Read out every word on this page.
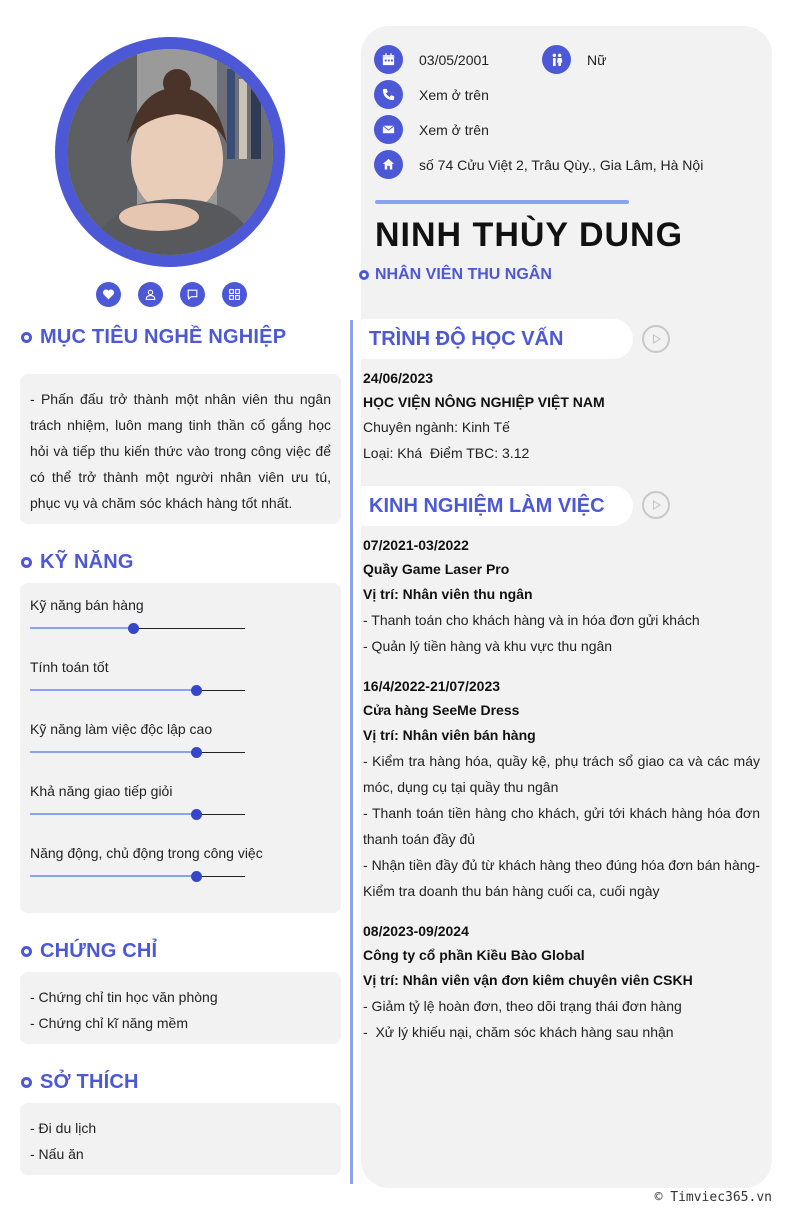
MỤC TIÊU NGHỀ NGHIỆP

- Phấn đấu trở thành một nhân viên thu ngân trách nhiệm, luôn mang tinh thần cố gắng học hỏi và tiếp thu kiến thức vào trong công việc để có thể trở thành một người nhân viên ưu tú, phục vụ và chăm sóc khách hàng tốt nhất.

KỸ NĂNG
Kỹ năng bán hàng
Tính toán tốt
Kỹ năng làm việc độc lập cao
Khả năng giao tiếp giỏi
Năng động, chủ động trong công việc
CHỨNG CHỈ
- Chứng chỉ tin học văn phòng
- Chứng chỉ kĩ năng mềm
SỞ THÍCH
- Đi du lịch
- Nấu ăn
03/05/2001	Nữ
Xem ở trên
Xem ở trên
số 74 Cửu Việt 2, Trâu Qùy., Gia Lâm, Hà Nội
NINH THÙY DUNG
NHÂN VIÊN THU NGÂN
TRÌNH ĐỘ HỌC VẤN
24/06/2023
HỌC VIỆN NÔNG NGHIỆP VIỆT NAM
Chuyên ngành: Kinh Tế
Loại: Khá  Điểm TBC: 3.12
KINH NGHIỆM LÀM VIỆC
07/2021-03/2022
Quầy Game Laser Pro
Vị trí: Nhân viên thu ngân
- Thanh toán cho khách hàng và in hóa đơn gửi khách
- Quản lý tiền hàng và khu vực thu ngân
16/4/2022-21/07/2023
Cửa hàng SeeMe Dress
Vị trí: Nhân viên bán hàng
- Kiểm tra hàng hóa, quầy kệ, phụ trách sổ giao ca và các máy móc, dụng cụ tại quầy thu ngân
- Thanh toán tiền hàng cho khách, gửi tới khách hàng hóa đơn thanh toán đầy đủ
- Nhận tiền đầy đủ từ khách hàng theo đúng hóa đơn bán hàng- Kiểm tra doanh thu bán hàng cuối ca, cuối ngày
08/2023-09/2024
Công ty cổ phần Kiều Bào Global
Vị trí: Nhân viên vận đơn kiêm chuyên viên CSKH
- Giảm tỷ lệ hoàn đơn, theo dõi trạng thái đơn hàng
-  Xử lý khiếu nại, chăm sóc khách hàng sau nhận
© Timviec365.vn
